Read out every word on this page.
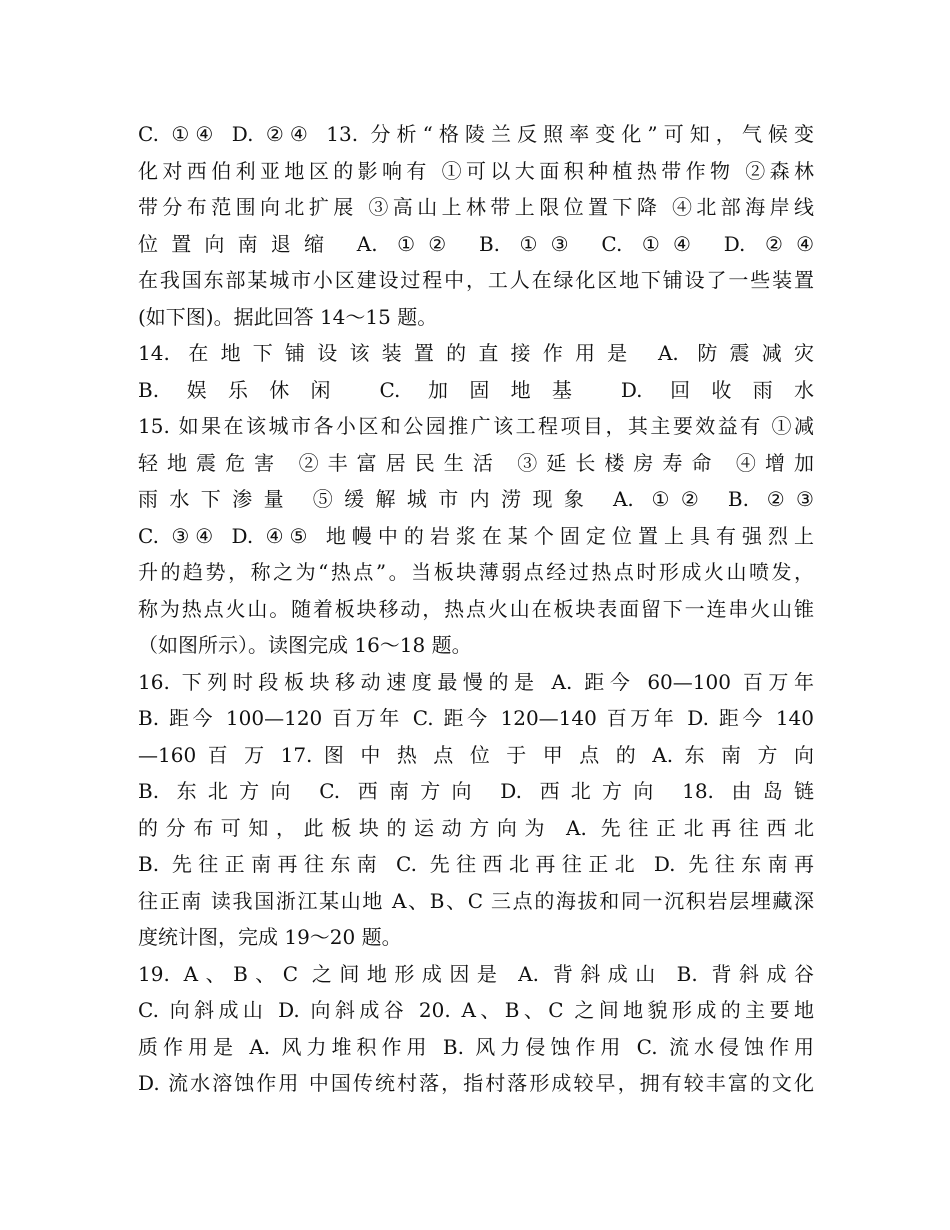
C. ①④ D. ②④ 13. 分析“格陵兰反照率变化”可知，气候变
化对西伯利亚地区的影响有 ①可以大面积种植热带作物 ②森林
带分布范围向北扩展 ③高山上林带上限位置下降 ④北部海岸线
位置向南退缩 A. ①② B. ①③ C. ①④ D. ②④
在我国东部某城市小区建设过程中，工人在绿化区地下铺设了一些装置
(如下图)。据此回答 14～15 题。
14. 在地下铺设该装置的直接作用是 A. 防震减灾
B. 娱乐休闲 C. 加固地基 D. 回收雨水
15. 如果在该城市各小区和公园推广该工程项目，其主要效益有 ①减
轻地震危害 ②丰富居民生活 ③延长楼房寿命 ④增加
雨水下渗量 ⑤缓解城市内涝现象 A. ①② B. ②③
C. ③④ D. ④⑤ 地幔中的岩浆在某个固定位置上具有强烈上
升的趋势，称之为“热点”。当板块薄弱点经过热点时形成火山喷发，
称为热点火山。随着板块移动，热点火山在板块表面留下一连串火山锥
（如图所示）。读图完成 16～18 题。
16. 下列时段板块移动速度最慢的是 A. 距今 60—100 百万年
B. 距今 100—120 百万年 C. 距今 120—140 百万年 D. 距今 140
—160 百 万 17. 图 中 热 点 位 于 甲 点 的 A. 东 南 方 向
B. 东北方向 C. 西南方向 D. 西北方向 18. 由岛链
的分布可知，此板块的运动方向为 A. 先往正北再往西北
B. 先往正南再往东南 C. 先往西北再往正北 D. 先往东南再
往正南 读我国浙江某山地 A、B、C 三点的海拔和同一沉积岩层埋藏深
度统计图，完成 19～20 题。
19. A、B、C 之间地形成因是 A. 背斜成山 B. 背斜成谷
C. 向斜成山 D. 向斜成谷 20. A、B、C 之间地貌形成的主要地
质作用是 A. 风力堆积作用 B. 风力侵蚀作用 C. 流水侵蚀作用
D. 流水溶蚀作用 中国传统村落，指村落形成较早，拥有较丰富的文化
